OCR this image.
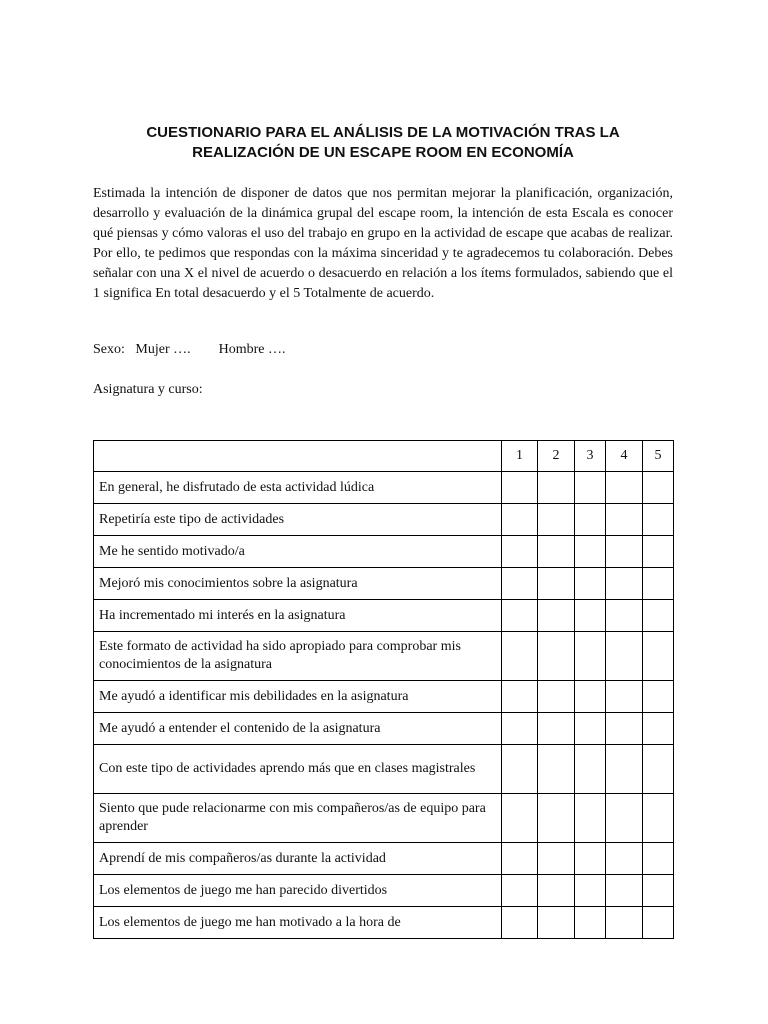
CUESTIONARIO PARA EL ANÁLISIS DE LA MOTIVACIÓN TRAS LA
REALIZACIÓN DE UN ESCAPE ROOM EN ECONOMÍA

Estimada la intención de disponer de datos que nos permitan mejorar la planificación, organización, desarrollo y evaluación de la dinámica grupal del escape room, la intención de esta Escala es conocer qué piensas y cómo valoras el uso del trabajo en grupo en la actividad de escape que acabas de realizar. Por ello, te pedimos que respondas con la máxima sinceridad y te agradecemos tu colaboración. Debes señalar con una X el nivel de acuerdo o desacuerdo en relación a los ítems formulados, sabiendo que el 1 significa En total desacuerdo y el 5 Totalmente de acuerdo.

Sexo: Mujer …. Hombre ….
Asignatura y curso:
	1	2	3	4	5
En general, he disfrutado de esta actividad lúdica					
Repetiría este tipo de actividades					
Me he sentido motivado/a					
Mejoró mis conocimientos sobre la asignatura					
Ha incrementado mi interés en la asignatura					
Este formato de actividad ha sido apropiado para comprobar mis conocimientos de la asignatura					
Me ayudó a identificar mis debilidades en la asignatura					
Me ayudó a entender el contenido de la asignatura					
Con este tipo de actividades aprendo más que en clases magistrales					
Siento que pude relacionarme con mis compañeros/as de equipo para aprender					
Aprendí de mis compañeros/as durante la actividad					
Los elementos de juego me han parecido divertidos					
Los elementos de juego me han motivado a la hora de					
